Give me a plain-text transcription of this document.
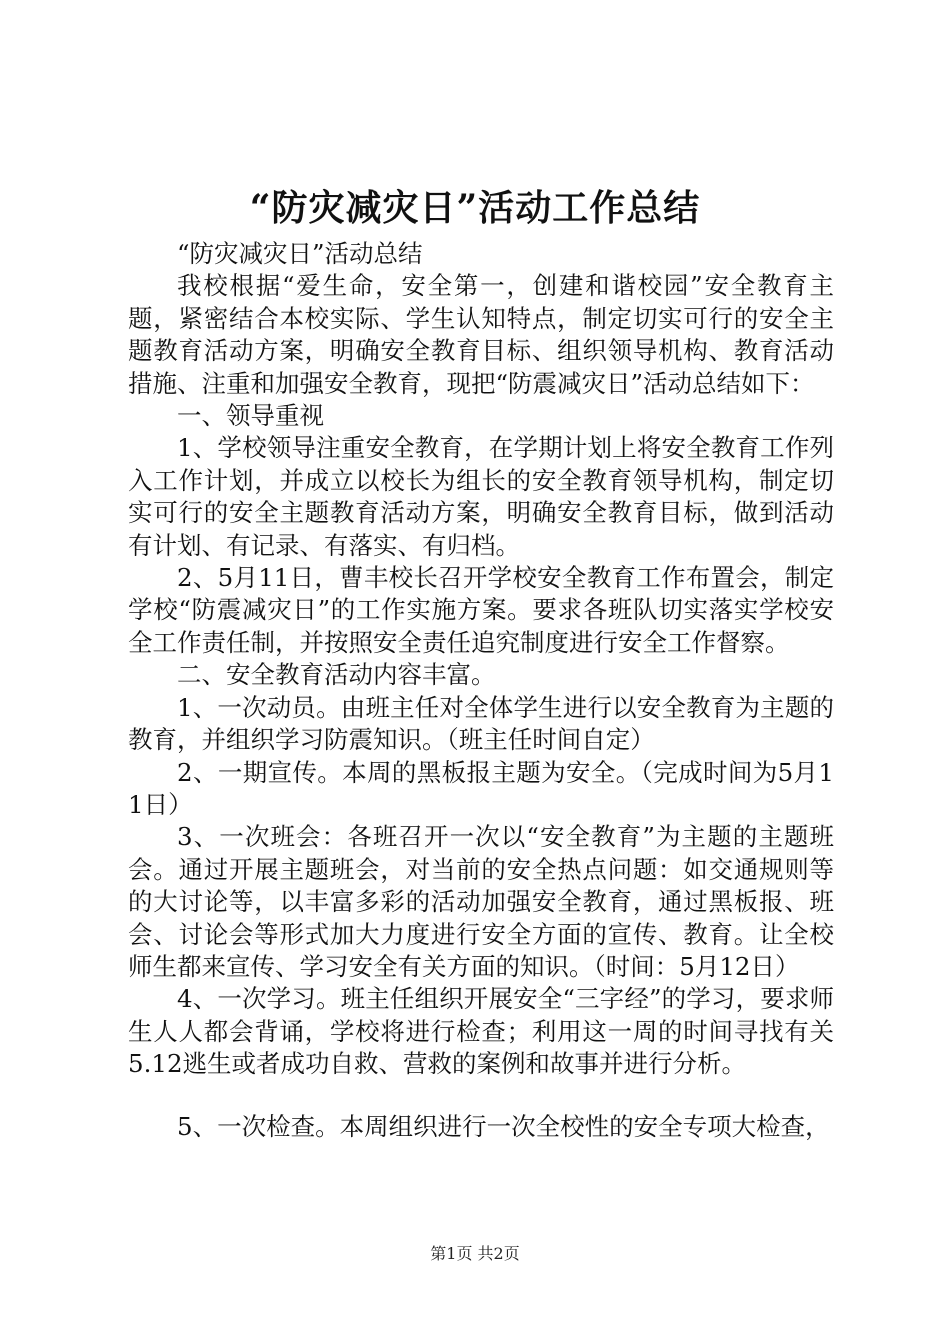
“防灾减灾日”活动工作总结

“防灾减灾日”活动总结

我校根据“爱生命，安全第一，创建和谐校园”安全教育主题，紧密结合本校实际、学生认知特点，制定切实可行的安全主题教育活动方案，明确安全教育目标、组织领导机构、教育活动措施、注重和加强安全教育，现把“防震减灾日”活动总结如下：

一、领导重视

1、学校领导注重安全教育，在学期计划上将安全教育工作列入工作计划，并成立以校长为组长的安全教育领导机构，制定切实可行的安全主题教育活动方案，明确安全教育目标，做到活动有计划、有记录、有落实、有归档。

2、5月11日，曹丰校长召开学校安全教育工作布置会，制定学校“防震减灾日”的工作实施方案。要求各班队切实落实学校安全工作责任制，并按照安全责任追究制度进行安全工作督察。

二、安全教育活动内容丰富。

1、一次动员。由班主任对全体学生进行以安全教育为主题的教育，并组织学习防震知识。（班主任时间自定）

2、一期宣传。本周的黑板报主题为安全。（完成时间为5月11日）

3、一次班会：各班召开一次以“安全教育”为主题的主题班会。通过开展主题班会，对当前的安全热点问题：如交通规则等的大讨论等，以丰富多彩的活动加强安全教育，通过黑板报、班会、讨论会等形式加大力度进行安全方面的宣传、教育。让全校师生都来宣传、学习安全有关方面的知识。（时间：5月12日）

4、一次学习。班主任组织开展安全“三字经”的学习，要求师生人人都会背诵，学校将进行检查；利用这一周的时间寻找有关5.12逃生或者成功自救、营救的案例和故事并进行分析。

5、一次检查。本周组织进行一次全校性的安全专项大检查，

第1页 共2页
